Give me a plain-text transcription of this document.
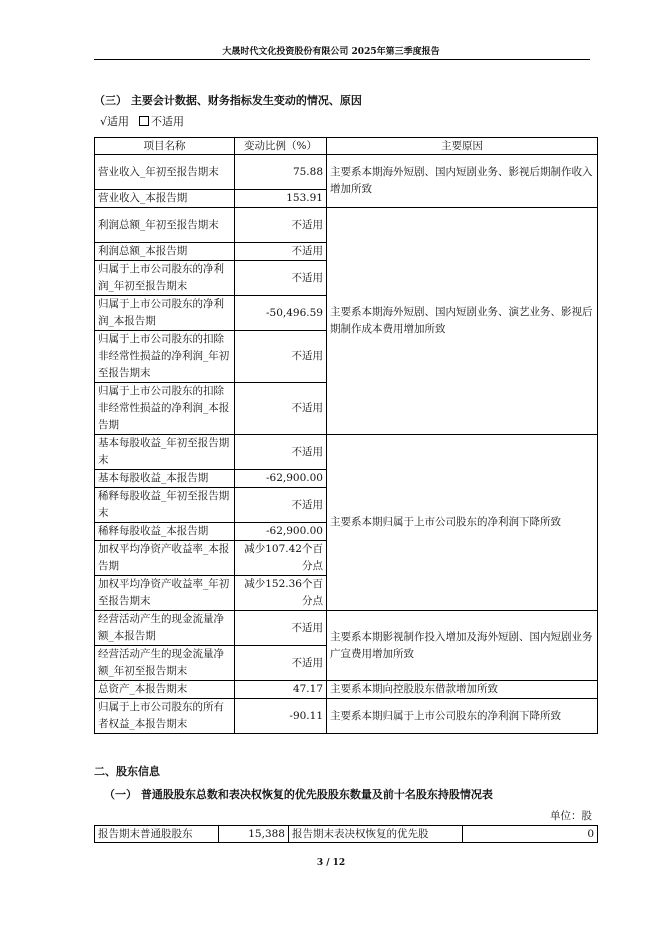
大晟时代文化投资股份有限公司 2025年第三季度报告
（三） 主要会计数据、财务指标发生变动的情况、原因
√适用 不适用
项目名称	变动比例（%）	主要原因
营业收入_年初至报告期末	75.88	主要系本期海外短剧、国内短剧业务、影视后期制作收入增加所致
营业收入_本报告期	153.91	
利润总额_年初至报告期末	不适用	主要系本期海外短剧、国内短剧业务、演艺业务、影视后期制作成本费用增加所致
利润总额_本报告期	不适用	
归属于上市公司股东的净利润_年初至报告期末	不适用	
归属于上市公司股东的净利润_本报告期	-50,496.59	
归属于上市公司股东的扣除非经常性损益的净利润_年初至报告期末	不适用	
归属于上市公司股东的扣除非经常性损益的净利润_本报告期	不适用	
基本每股收益_年初至报告期末	不适用	主要系本期归属于上市公司股东的净利润下降所致
基本每股收益_本报告期	-62,900.00	
稀释每股收益_年初至报告期末	不适用	
稀释每股收益_本报告期	-62,900.00	
加权平均净资产收益率_本报告期	减少107.42个百分点	
加权平均净资产收益率_年初至报告期末	减少152.36个百分点	
经营活动产生的现金流量净额_本报告期	不适用	主要系本期影视制作投入增加及海外短剧、国内短剧业务广宣费用增加所致
经营活动产生的现金流量净额_年初至报告期末	不适用	
总资产_本报告期末	47.17	主要系本期向控股股东借款增加所致
归属于上市公司股东的所有者权益_本报告期末	-90.11	主要系本期归属于上市公司股东的净利润下降所致
二、股东信息
（一） 普通股股东总数和表决权恢复的优先股股东数量及前十名股东持股情况表
单位：股
报告期末普通股股东	15,388	报告期末表决权恢复的优先股	0
3 / 12
